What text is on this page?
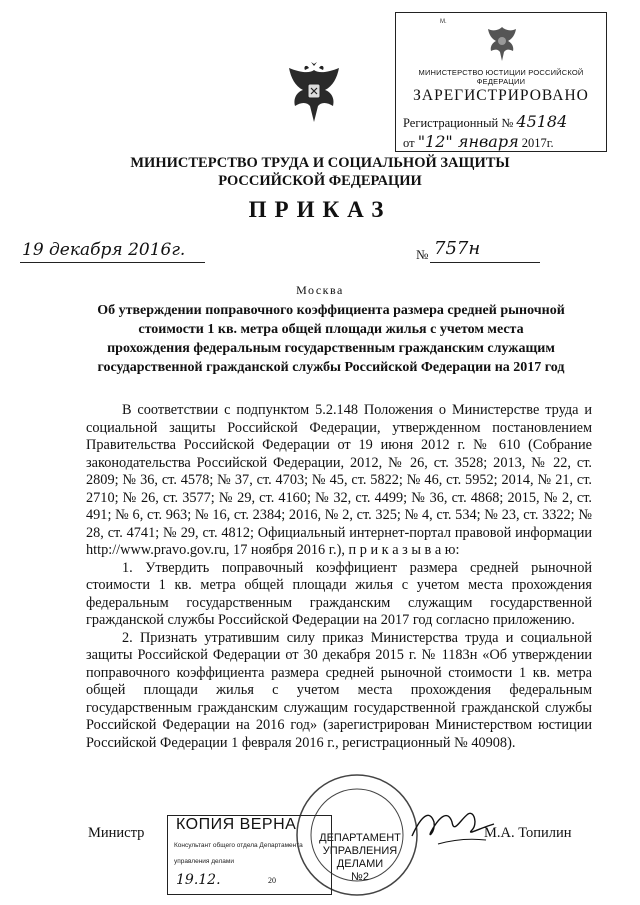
М.
МИНИСТЕРСТВО ЮСТИЦИИ РОССИЙСКОЙ ФЕДЕРАЦИИ
ЗАРЕГИСТРИРОВАНО
Регистрационный № 45184
от "12" января 2017г.
МИНИСТЕРСТВО ТРУДА И СОЦИАЛЬНОЙ ЗАЩИТЫ РОССИЙСКОЙ ФЕДЕРАЦИИ
ПРИКАЗ
19 декабря 2016г.	№ 757н
Москва
Об утверждении поправочного коэффициента размера средней рыночной стоимости 1 кв. метра общей площади жилья с учетом места прохождения федеральным государственным гражданским служащим государственной гражданской службы Российской Федерации на 2017 год

В соответствии с подпунктом 5.2.148 Положения о Министерстве труда и социальной защиты Российской Федерации, утвержденном постановлением Правительства Российской Федерации от 19 июня 2012 г. № 610 (Собрание законодательства Российской Федерации, 2012, № 26, ст. 3528; 2013, № 22, ст. 2809; № 36, ст. 4578; № 37, ст. 4703; № 45, ст. 5822; № 46, ст. 5952; 2014, № 21, ст. 2710; № 26, ст. 3577; № 29, ст. 4160; № 32, ст. 4499; № 36, ст. 4868; 2015, № 2, ст. 491; № 6, ст. 963; № 16, ст. 2384; 2016, № 2, ст. 325; № 4, ст. 534; № 23, ст. 3322; № 28, ст. 4741; № 29, ст. 4812; Официальный интернет-портал правовой информации http://www.pravo.gov.ru, 17 ноября 2016 г.), п р и к а з ы в а ю:

1. Утвердить поправочный коэффициент размера средней рыночной стоимости 1 кв. метра общей площади жилья с учетом места прохождения федеральным государственным гражданским служащим государственной гражданской службы Российской Федерации на 2017 год согласно приложению.

2. Признать утратившим силу приказ Министерства труда и социальной защиты Российской Федерации от 30 декабря 2015 г. № 1183н «Об утверждении поправочного коэффициента размера средней рыночной стоимости 1 кв. метра общей площади жилья с учетом места прохождения федеральным государственным гражданским служащим государственной гражданской службы Российской Федерации на 2016 год» (зарегистрирован Министерством юстиции Российской Федерации 1 февраля 2016 г., регистрационный № 40908).

ДЕПАРТАМЕНТ
УПРАВЛЕНИЯ
ДЕЛАМИ
№2
КОПИЯ ВЕРНА
Консультант общего отдела Департамента
управления делами
19.12.	20
Министр	М.А. Топилин
